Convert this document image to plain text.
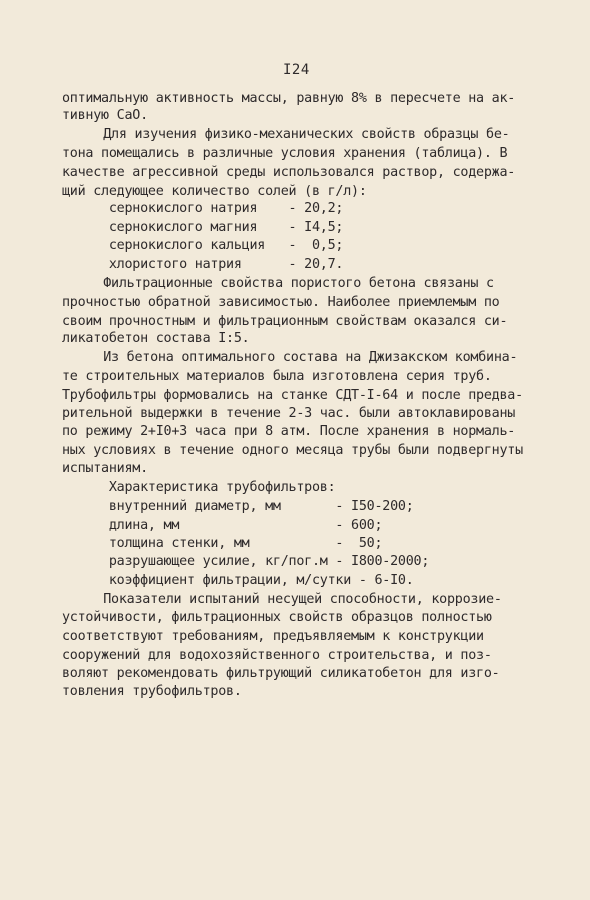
I24
оптимальную активность массы, равную 8% в пересчете на ак-
тивную СаО.
Для изучения физико-механических свойств образцы бе-
тона помещались в различные условия хранения (таблица). В
качестве агрессивной среды использовался раствор, содержа-
щий следующее количество солей (в г/л):
сернокислого натрия    - 20,2;
сернокислого магния    - I4,5;
сернокислого кальция   -  0,5;
хлористого натрия      - 20,7.
Фильтрационные свойства пористого бетона связаны с
прочностью обратной зависимостью. Наиболее приемлемым по
своим прочностным и фильтрационным свойствам оказался си-
ликатобетон состава I:5.
Из бетона оптимального состава на Джизакском комбина-
те строительных материалов была изготовлена серия труб.
Трубофильтры формовались на станке СДТ-I-64 и после предва-
рительной выдержки в течение 2-3 час. были автоклавированы
по режиму 2+I0+3 часа при 8 атм. После хранения в нормаль-
ных условиях в течение одного месяца трубы были подвергнуты
испытаниям.
Характеристика трубофильтров:
внутренний диаметр, мм       - I50-200;
длина, мм                    - 600;
толщина стенки, мм           -  50;
разрушающее усилие, кг/пог.м - I800-2000;
коэффициент фильтрации, м/сутки - 6-I0.
Показатели испытаний несущей способности, коррозие-
устойчивости, фильтрационных свойств образцов полностью
соответствуют требованиям, предъявляемым к конструкции
сооружений для водохозяйственного строительства, и поз-
воляют рекомендовать фильтрующий силикатобетон для изго-
товления трубофильтров.
